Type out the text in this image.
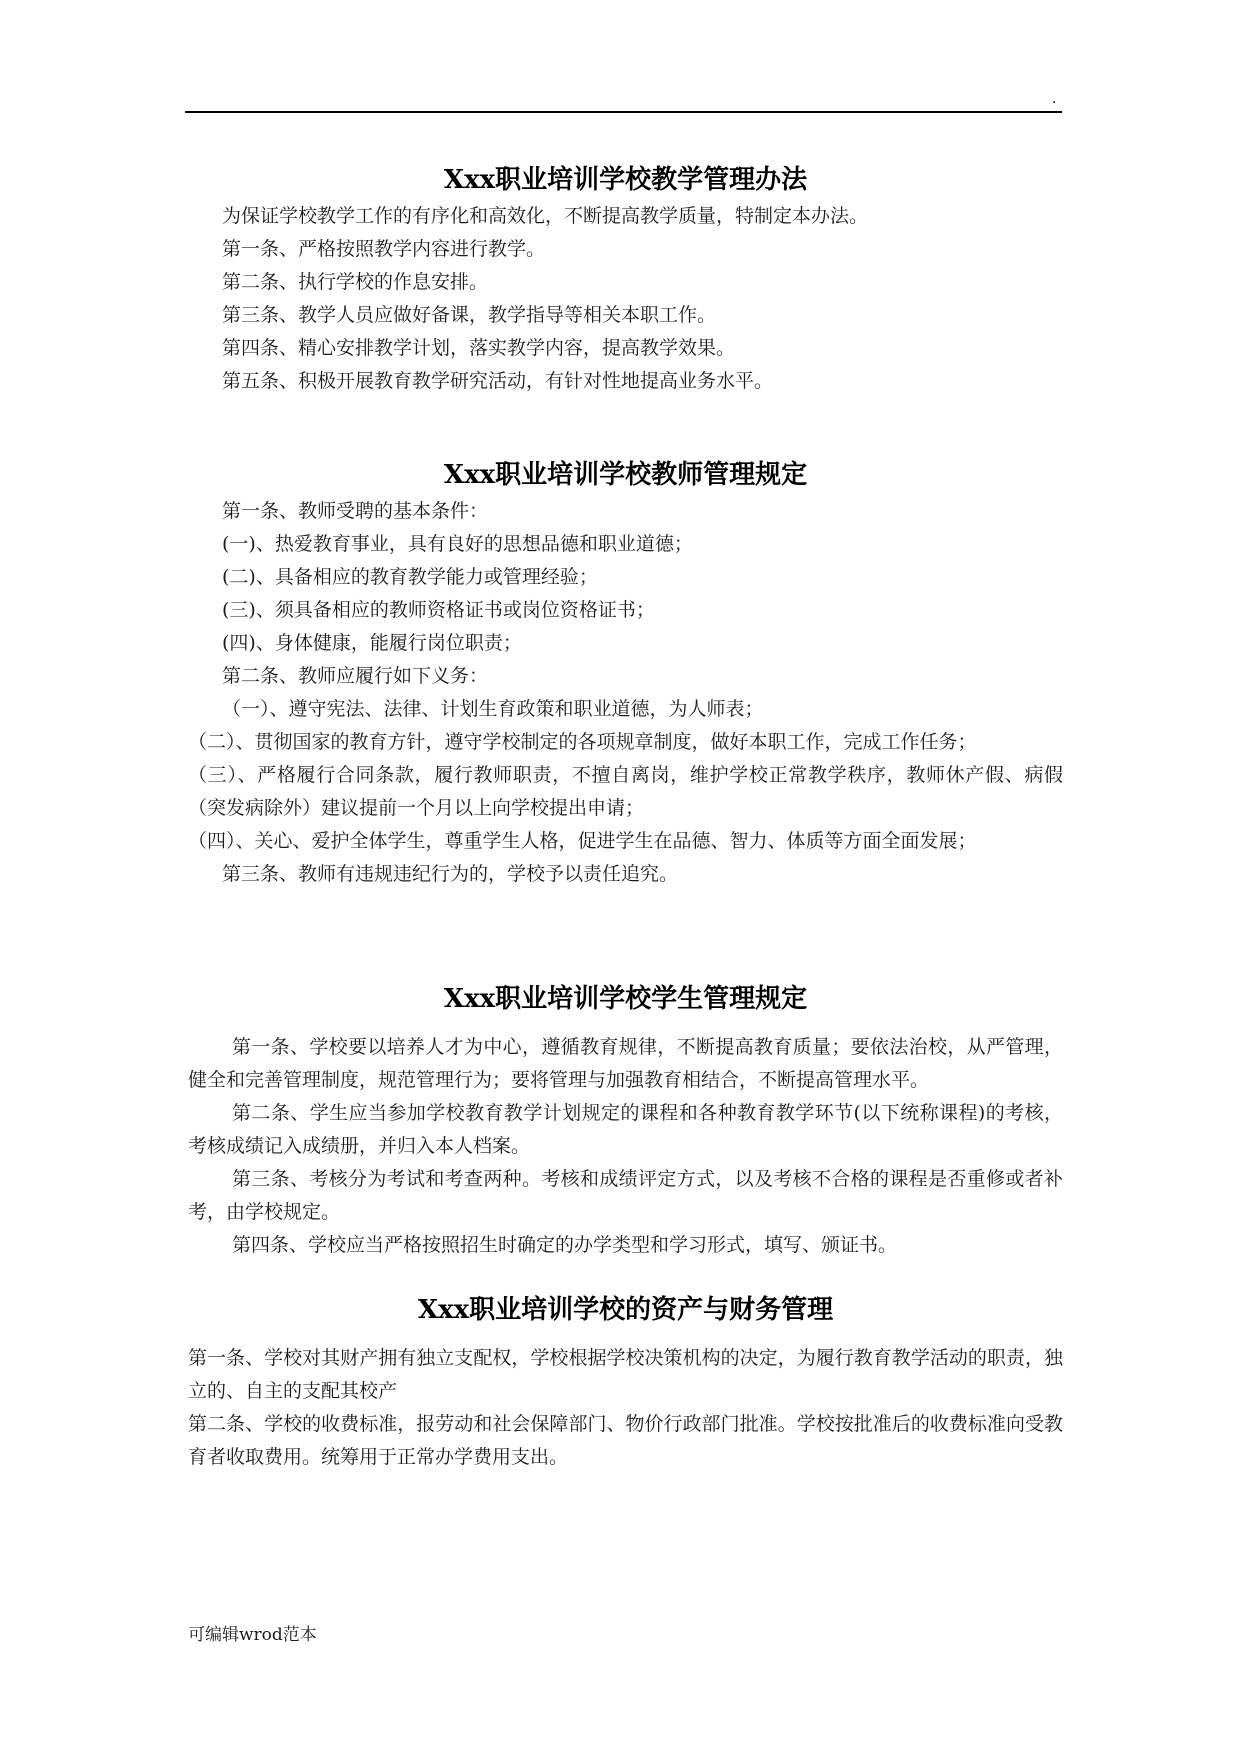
.
Xxx职业培训学校教学管理办法

为保证学校教学工作的有序化和高效化，不断提高教学质量，特制定本办法。

第一条、严格按照教学内容进行教学。

第二条、执行学校的作息安排。

第三条、教学人员应做好备课，教学指导等相关本职工作。

第四条、精心安排教学计划，落实教学内容，提高教学效果。

第五条、积极开展教育教学研究活动，有针对性地提高业务水平。

Xxx职业培训学校教师管理规定

第一条、教师受聘的基本条件：

(一)、热爱教育事业，具有良好的思想品德和职业道德；

(二)、具备相应的教育教学能力或管理经验；

(三)、须具备相应的教师资格证书或岗位资格证书；

(四)、身体健康，能履行岗位职责；

第二条、教师应履行如下义务：

（一）、遵守宪法、法律、计划生育政策和职业道德，为人师表；

（二）、贯彻国家的教育方针，遵守学校制定的各项规章制度，做好本职工作，完成工作任务；

（三）、严格履行合同条款，履行教师职责，不擅自离岗，维护学校正常教学秩序，教师休产假、病假（突发病除外）建议提前一个月以上向学校提出申请；

（四）、关心、爱护全体学生，尊重学生人格，促进学生在品德、智力、体质等方面全面发展；

第三条、教师有违规违纪行为的，学校予以责任追究。

Xxx职业培训学校学生管理规定

第一条、学校要以培养人才为中心，遵循教育规律，不断提高教育质量；要依法治校，从严管理，健全和完善管理制度，规范管理行为；要将管理与加强教育相结合，不断提高管理水平。

第二条、学生应当参加学校教育教学计划规定的课程和各种教育教学环节(以下统称课程)的考核，考核成绩记入成绩册，并归入本人档案。

第三条、考核分为考试和考查两种。考核和成绩评定方式，以及考核不合格的课程是否重修或者补考，由学校规定。

第四条、学校应当严格按照招生时确定的办学类型和学习形式，填写、颁证书。

Xxx职业培训学校的资产与财务管理

第一条、学校对其财产拥有独立支配权，学校根据学校决策机构的决定，为履行教育教学活动的职责，独立的、自主的支配其校产

第二条、学校的收费标准，报劳动和社会保障部门、物价行政部门批准。学校按批准后的收费标准向受教育者收取费用。统筹用于正常办学费用支出。

可编辑wrod范本
